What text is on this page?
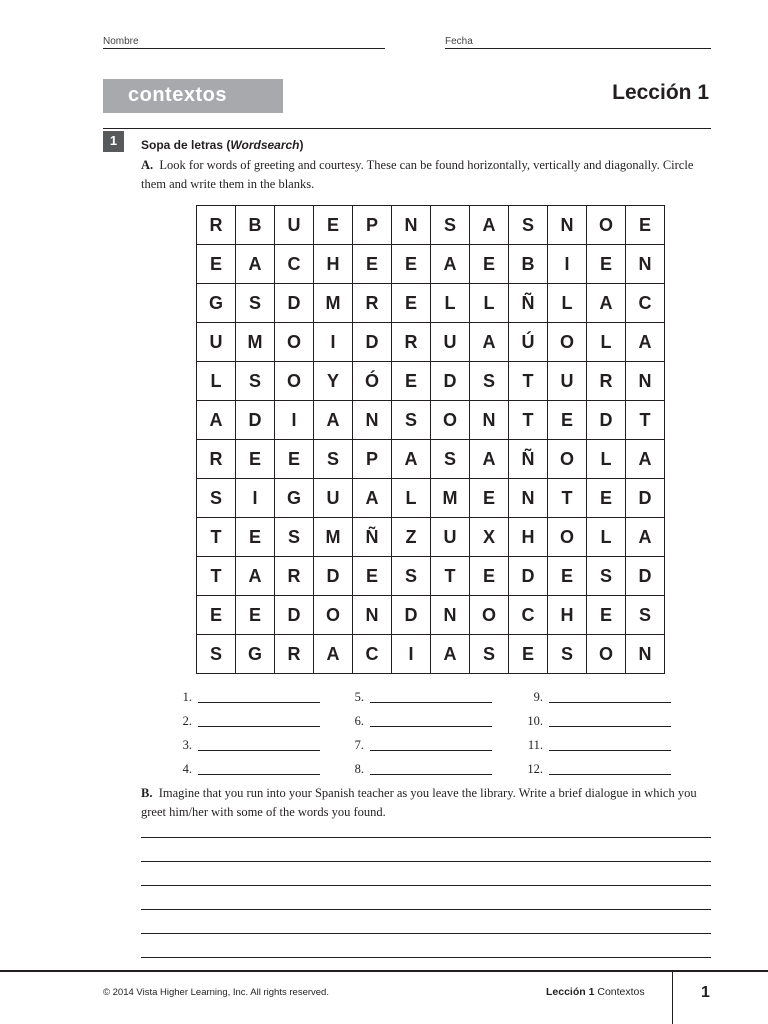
Nombre	Fecha
contextos	Lección 1
1	Sopa de letras (Wordsearch)
A. Look for words of greeting and courtesy. These can be found horizontally, vertically and diagonally. Circle them and write them in the blanks.
R	B	U	E	P	N	S	A	S	N	O	E
E	A	C	H	E	E	A	E	B	I	E	N
G	S	D	M	R	E	L	L	Ñ	L	A	C
U	M	O	I	D	R	U	A	Ú	O	L	A
L	S	O	Y	Ó	E	D	S	T	U	R	N
A	D	I	A	N	S	O	N	T	E	D	T
R	E	E	S	P	A	S	A	Ñ	O	L	A
S	I	G	U	A	L	M	E	N	T	E	D
T	E	S	M	Ñ	Z	U	X	H	O	L	A
T	A	R	D	E	S	T	E	D	E	S	D
E	E	D	O	N	D	N	O	C	H	E	S
S	G	R	A	C	I	A	S	E	S	O	N
1.
2.
3.
4.
5.
6.
7.
8.
9.
10.
11.
12.
B. Imagine that you run into your Spanish teacher as you leave the library. Write a brief dialogue in which you greet him/her with some of the words you found.
© 2014 Vista Higher Learning, Inc. All rights reserved.	Lección 1 Contextos	1
